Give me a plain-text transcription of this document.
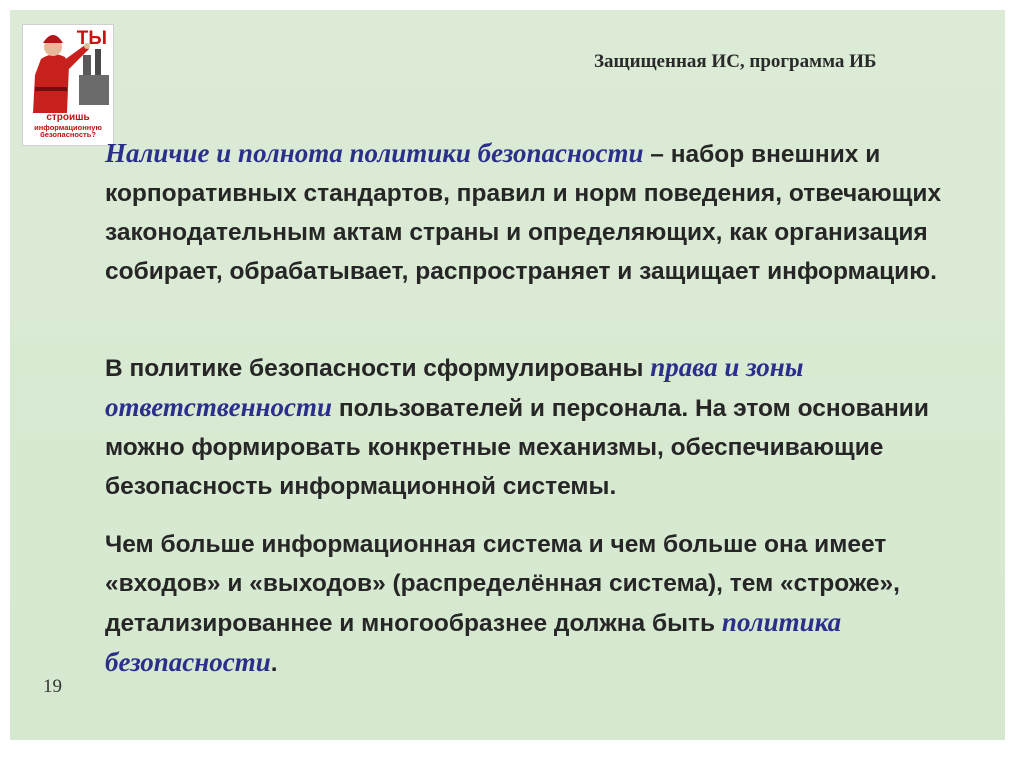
ТЫ
строишь
информационную
безопасность?
Защищенная ИС, программа ИБ
Наличие и полнота политики безопасности – набор внешних и корпоративных стандартов, правил и норм поведения, отвечающих законодательным актам страны и определяющих, как организация собирает, обрабатывает, распространяет и защищает информацию.
В политике безопасности сформулированы права и зоны ответственности пользователей и персонала. На этом основании можно формировать конкретные механизмы, обеспечивающие безопасность информационной системы.
Чем больше информационная система и чем больше она имеет «входов» и «выходов» (распределённая система), тем «строже», детализированнее и многообразнее должна быть политика безопасности.
19
